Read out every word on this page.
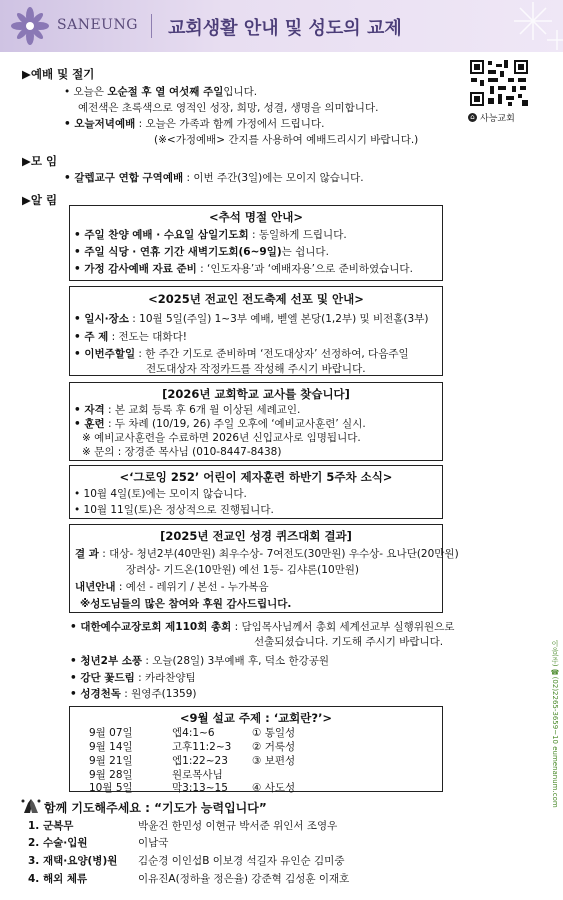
SANEUNG 교회생활 안내 및 성도의 교제
⌂ 사능교회
▶예배 및 절기
• 오늘은 오순절 후 열 여섯째 주일입니다.
예전색은 초록색으로 영적인 성장, 희망, 성결, 생명을 의미합니다.
• 오늘저녁예배 : 오늘은 가족과 함께 가정에서 드립니다.
(※<가정예배> 간지를 사용하여 예배드리시기 바랍니다.)
▶모 임
• 갈렙교구 연합 구역예배 : 이번 주간(3일)에는 모이지 않습니다.
▶알 림
<추석 명절 안내>
• 주일 찬양 예배 · 수요일 삼일기도회 : 동일하게 드립니다.
• 주일 식당 · 연휴 기간 새벽기도회(6~9일)는 쉽니다.
• 가정 감사예배 자료 준비 : ‘인도자용’과 ‘예배자용’으로 준비하였습니다.
<2025년 전교인 전도축제 선포 및 안내>
• 일시·장소 : 10월 5일(주일) 1~3부 예배, 벧엘 본당(1,2부) 및 비전홀(3부)
• 주 제 : 전도는 대화다!
• 이번주할일 : 한 주간 기도로 준비하며 ‘전도대상자’ 선정하여, 다음주일
전도대상자 작정카드를 작성해 주시기 바랍니다.
[2026년 교회학교 교사를 찾습니다]
• 자격 : 본 교회 등록 후 6개 월 이상된 세례교인.
• 훈련 : 두 차례 (10/19, 26) 주일 오후에 ‘예비교사훈련’ 실시.
※ 예비교사훈련을 수료하면 2026년 신입교사로 임명됩니다.
※ 문의 : 장경준 목사님 (010-8447-8438)
<‘그로잉 252’ 어린이 제자훈련 하반기 5주차 소식>
• 10월 4일(토)에는 모이지 않습니다.
• 10월 11일(토)은 정상적으로 진행됩니다.
[2025년 전교인 성경 퀴즈대회 결과]
결 과 : 대상- 청년2부(40만원) 최우수상- 7여전도(30만원) 우수상- 요나단(20만원)
장려상- 기드온(10만원) 예선 1등- 김샤론(10만원)
내년안내 : 예선 - 레위기 / 본선 - 누가복음
※성도님들의 많은 참여와 후원 감사드립니다.
• 대한예수교장로회 제110회 총회 : 담임목사님께서 총회 세계선교부 실행위원으로
선출되셨습니다. 기도해 주시기 바랍니다.
• 청년2부 소풍 : 오늘(28일) 3부예배 후, 덕소 한강공원
• 강단 꽃드림 : 카라찬양팀
• 성경천독 : 원영주(1359)
<9월 설교 주제 : ‘교회란?’>
9월 07일	엡4:1~6	① 통일성
9월 14일	고후11:2~3 ② 거룩성
9월 21일	엡1:22~23 ③ 보편성
9월 28일	원로목사님
10월 5일	막3:13~15 ④ 사도성
함께 기도해주세요 : “기도가 능력입니다”
1. 군복무	박윤건 한민성 이현규 박서준 위인서 조영우
2. 수술·입원	이남국
3. 재택·요양(병)원 김순경 이인섭B 이보경 석길자 유인순 김미중
4. 해외 체류	이유진A(정하율 정은율) 강준혁 김성훈 이재호
이음(주) ☎(02)2265-3659~10 eumenanum.com
